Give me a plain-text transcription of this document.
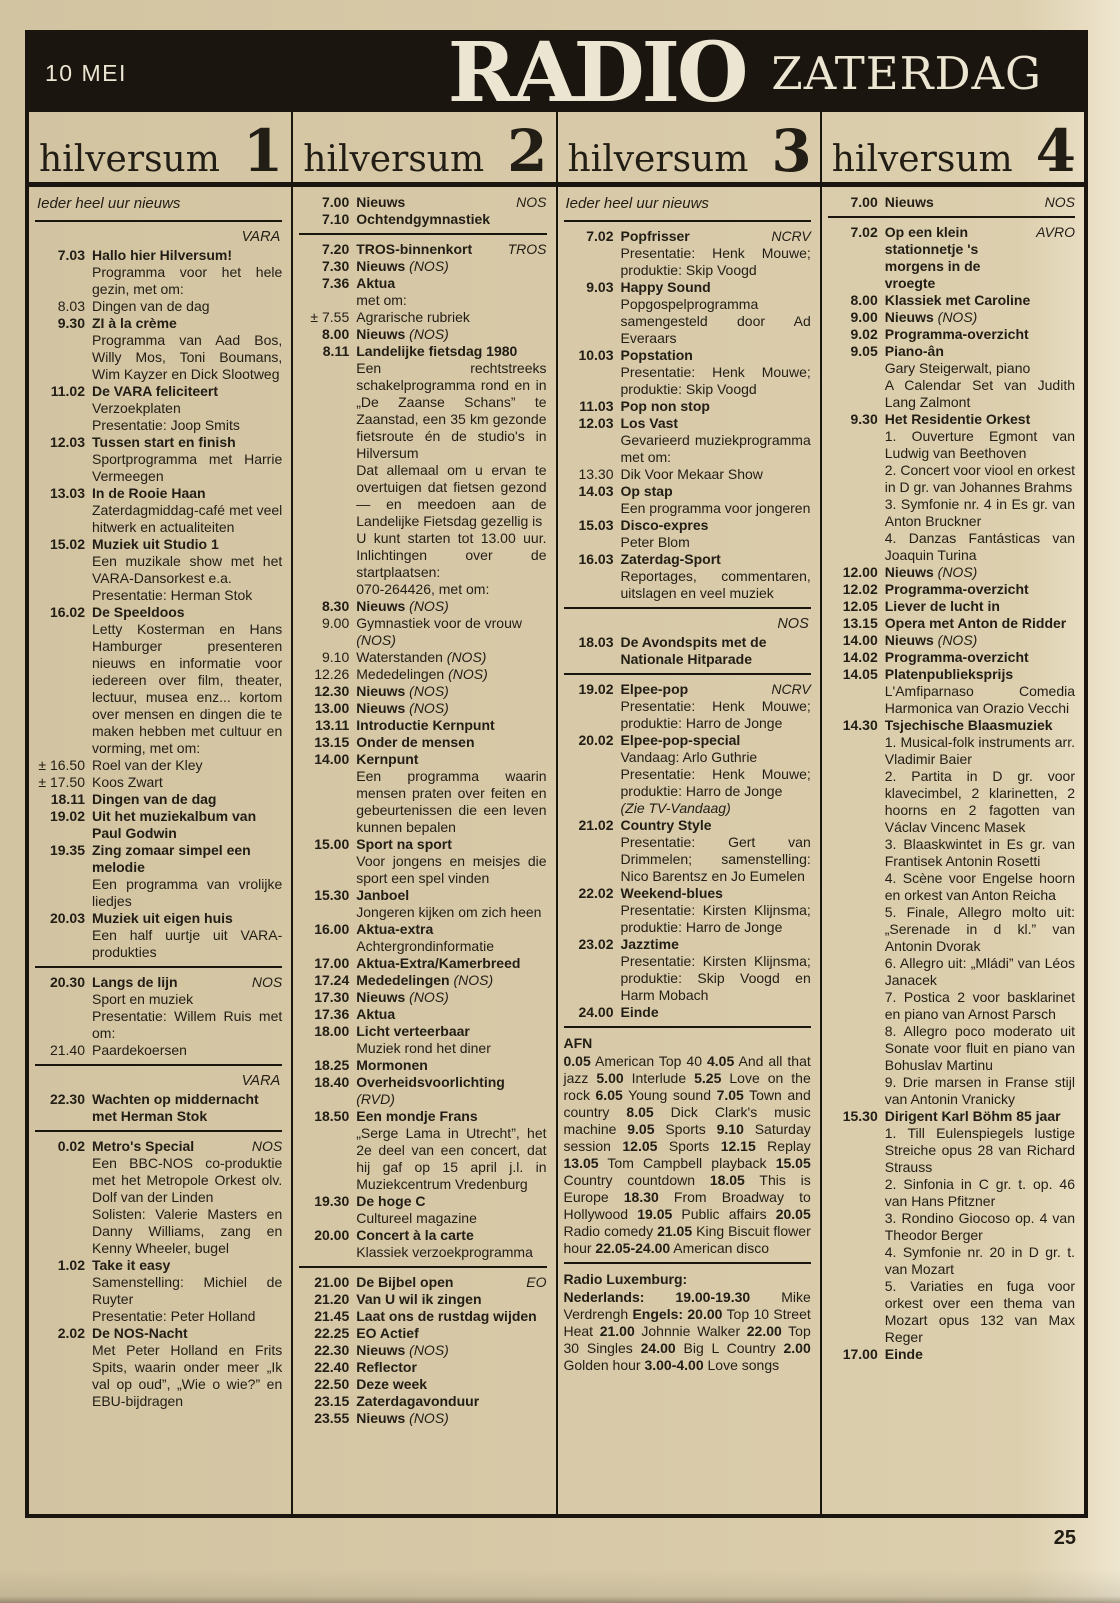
10 MEI	RADIO ZATERDAG
hilversum 1
Ieder heel uur nieuws
VARA
7.03 Hallo hier Hilversum!
Programma voor het hele gezin, met om:
8.03 Dingen van de dag
9.30 ZI à la crème
Programma van Aad Bos, Willy Mos, Toni Boumans, Wim Kayzer en Dick Slootweg
11.02 De VARA feliciteert
Verzoekplaten
Presentatie: Joop Smits
12.03 Tussen start en finish
Sportprogramma met Harrie Vermeegen
13.03 In de Rooie Haan
Zaterdagmiddag-café met veel hitwerk en actualiteiten
15.02 Muziek uit Studio 1
Een muzikale show met het VARA-Dansorkest e.a.
Presentatie: Herman Stok
16.02 De Speeldoos
Letty Kosterman en Hans Hamburger presenteren nieuws en informatie voor iedereen over film, theater, lectuur, musea enz... kortom over mensen en dingen die te maken hebben met cultuur en vorming, met om:
± 16.50 Roel van der Kley
± 17.50 Koos Zwart
18.11 Dingen van de dag
19.02 Uit het muziekalbum van Paul Godwin
19.35 Zing zomaar simpel een melodie
Een programma van vrolijke liedjes
20.03 Muziek uit eigen huis
Een half uurtje uit VARA-produkties
20.30 Langs de lijn	NOS
Sport en muziek
Presentatie: Willem Ruis met om:
21.40 Paardekoersen
VARA
22.30 Wachten op middernacht met Herman Stok
0.02 Metro's Special	NOS
Een BBC-NOS co-produktie met het Metropole Orkest olv. Dolf van der Linden
Solisten: Valerie Masters en Danny Williams, zang en Kenny Wheeler, bugel
1.02 Take it easy
Samenstelling: Michiel de Ruyter
Presentatie: Peter Holland
2.02 De NOS-Nacht
Met Peter Holland en Frits Spits, waarin onder meer „Ik val op oud”, „Wie o wie?” en EBU-bijdragen
hilversum 2
7.00 Nieuws	NOS
7.10 Ochtendgymnastiek
7.20 TROS-binnenkort	TROS
7.30 Nieuws (NOS)
7.36 Aktua
met om:
± 7.55 Agrarische rubriek
8.00 Nieuws (NOS)
8.11 Landelijke fietsdag 1980
Een rechtstreeks schakelprogramma rond en in „De Zaanse Schans” te Zaanstad, een 35 km gezonde fietsroute én de studio's in Hilversum
Dat allemaal om u ervan te overtuigen dat fietsen gezond — en meedoen aan de Landelijke Fietsdag gezellig is
U kunt starten tot 13.00 uur. Inlichtingen over de startplaatsen:
070-264426, met om:
8.30 Nieuws (NOS)
9.00 Gymnastiek voor de vrouw (NOS)
9.10 Waterstanden (NOS)
12.26 Mededelingen (NOS)
12.30 Nieuws (NOS)
13.00 Nieuws (NOS)
13.11 Introductie Kernpunt
13.15 Onder de mensen
14.00 Kernpunt
Een programma waarin mensen praten over feiten en gebeurtenissen die een leven kunnen bepalen
15.00 Sport na sport
Voor jongens en meisjes die sport een spel vinden
15.30 Janboel
Jongeren kijken om zich heen
16.00 Aktua-extra
Achtergrondinformatie
17.00 Aktua-Extra/Kamerbreed
17.24 Mededelingen (NOS)
17.30 Nieuws (NOS)
17.36 Aktua
18.00 Licht verteerbaar
Muziek rond het diner
18.25 Mormonen
18.40 Overheidsvoorlichting (RVD)
18.50 Een mondje Frans
„Serge Lama in Utrecht”, het 2e deel van een concert, dat hij gaf op 15 april j.l. in Muziekcentrum Vredenburg
19.30 De hoge C
Cultureel magazine
20.00 Concert à la carte
Klassiek verzoekprogramma
21.00 De Bijbel open	EO
21.20 Van U wil ik zingen
21.45 Laat ons de rustdag wijden
22.25 EO Actief
22.30 Nieuws (NOS)
22.40 Reflector
22.50 Deze week
23.15 Zaterdagavonduur
23.55 Nieuws (NOS)
hilversum 3
Ieder heel uur nieuws
7.02 Popfrisser	NCRV
Presentatie: Henk Mouwe; produktie: Skip Voogd
9.03 Happy Sound
Popgospelprogramma samengesteld door Ad Everaars
10.03 Popstation
Presentatie: Henk Mouwe; produktie: Skip Voogd
11.03 Pop non stop
12.03 Los Vast
Gevarieerd muziekprogramma met om:
13.30 Dik Voor Mekaar Show
14.03 Op stap
Een programma voor jongeren
15.03 Disco-expres
Peter Blom
16.03 Zaterdag-Sport
Reportages, commentaren, uitslagen en veel muziek
NOS
18.03 De Avondspits met de Nationale Hitparade
19.02 Elpee-pop	NCRV
Presentatie: Henk Mouwe; produktie: Harro de Jonge
20.02 Elpee-pop-special
Vandaag: Arlo Guthrie
Presentatie: Henk Mouwe; produktie: Harro de Jonge
(Zie TV-Vandaag)
21.02 Country Style
Presentatie: Gert van Drimmelen; samenstelling: Nico Barentsz en Jo Eumelen
22.02 Weekend-blues
Presentatie: Kirsten Klijnsma; produktie: Harro de Jonge
23.02 Jazztime
Presentatie: Kirsten Klijnsma; produktie: Skip Voogd en Harm Mobach
24.00 Einde
AFN
0.05 American Top 40 4.05 And all that jazz 5.00 Interlude 5.25 Love on the rock 6.05 Young sound 7.05 Town and country 8.05 Dick Clark's music machine 9.05 Sports 9.10 Saturday session 12.05 Sports 12.15 Replay 13.05 Tom Campbell playback 15.05 Country countdown 18.05 This is Europe 18.30 From Broadway to Hollywood 19.05 Public affairs 20.05 Radio comedy 21.05 King Biscuit flower hour 22.05-24.00 American disco
Radio Luxemburg:
Nederlands: 19.00-19.30 Mike Verdrengh Engels: 20.00 Top 10 Street Heat 21.00 Johnnie Walker 22.00 Top 30 Singles 24.00 Big L Country 2.00 Golden hour 3.00-4.00 Love songs
hilversum 4
7.00 Nieuws	NOS
7.02 Op een klein stationnetje 's morgens in de vroegte
AVRO
8.00 Klassiek met Caroline
9.00 Nieuws (NOS)
9.02 Programma-overzicht
9.05 Piano-ân
Gary Steigerwalt, piano
A Calendar Set van Judith Lang Zalmont
9.30 Het Residentie Orkest
1. Ouverture Egmont van Ludwig van Beethoven
2. Concert voor viool en orkest in D gr. van Johannes Brahms
3. Symfonie nr. 4 in Es gr. van Anton Bruckner
4. Danzas Fantásticas van Joaquin Turina
12.00 Nieuws (NOS)
12.02 Programma-overzicht
12.05 Liever de lucht in
13.15 Opera met Anton de Ridder
14.00 Nieuws (NOS)
14.02 Programma-overzicht
14.05 Platenpublieksprijs
L'Amfiparnaso Comedia Harmonica van Orazio Vecchi
14.30 Tsjechische Blaasmuziek
1. Musical-folk instruments arr. Vladimir Baier
2. Partita in D gr. voor klavecimbel, 2 klarinetten, 2 hoorns en 2 fagotten van Václav Vincenc Masek
3. Blaaskwintet in Es gr. van Frantisek Antonin Rosetti
4. Scène voor Engelse hoorn en orkest van Anton Reicha
5. Finale, Allegro molto uit: „Serenade in d kl.” van Antonin Dvorak
6. Allegro uit: „Mládi” van Léos Janacek
7. Postica 2 voor basklarinet en piano van Arnost Parsch
8. Allegro poco moderato uit Sonate voor fluit en piano van Bohuslav Martinu
9. Drie marsen in Franse stijl van Antonin Vranicky
15.30 Dirigent Karl Böhm 85 jaar
1. Till Eulenspiegels lustige Streiche opus 28 van Richard Strauss
2. Sinfonia in C gr. t. op. 46 van Hans Pfitzner
3. Rondino Giocoso op. 4 van Theodor Berger
4. Symfonie nr. 20 in D gr. t. van Mozart
5. Variaties en fuga voor orkest over een thema van Mozart opus 132 van Max Reger
17.00 Einde
25
